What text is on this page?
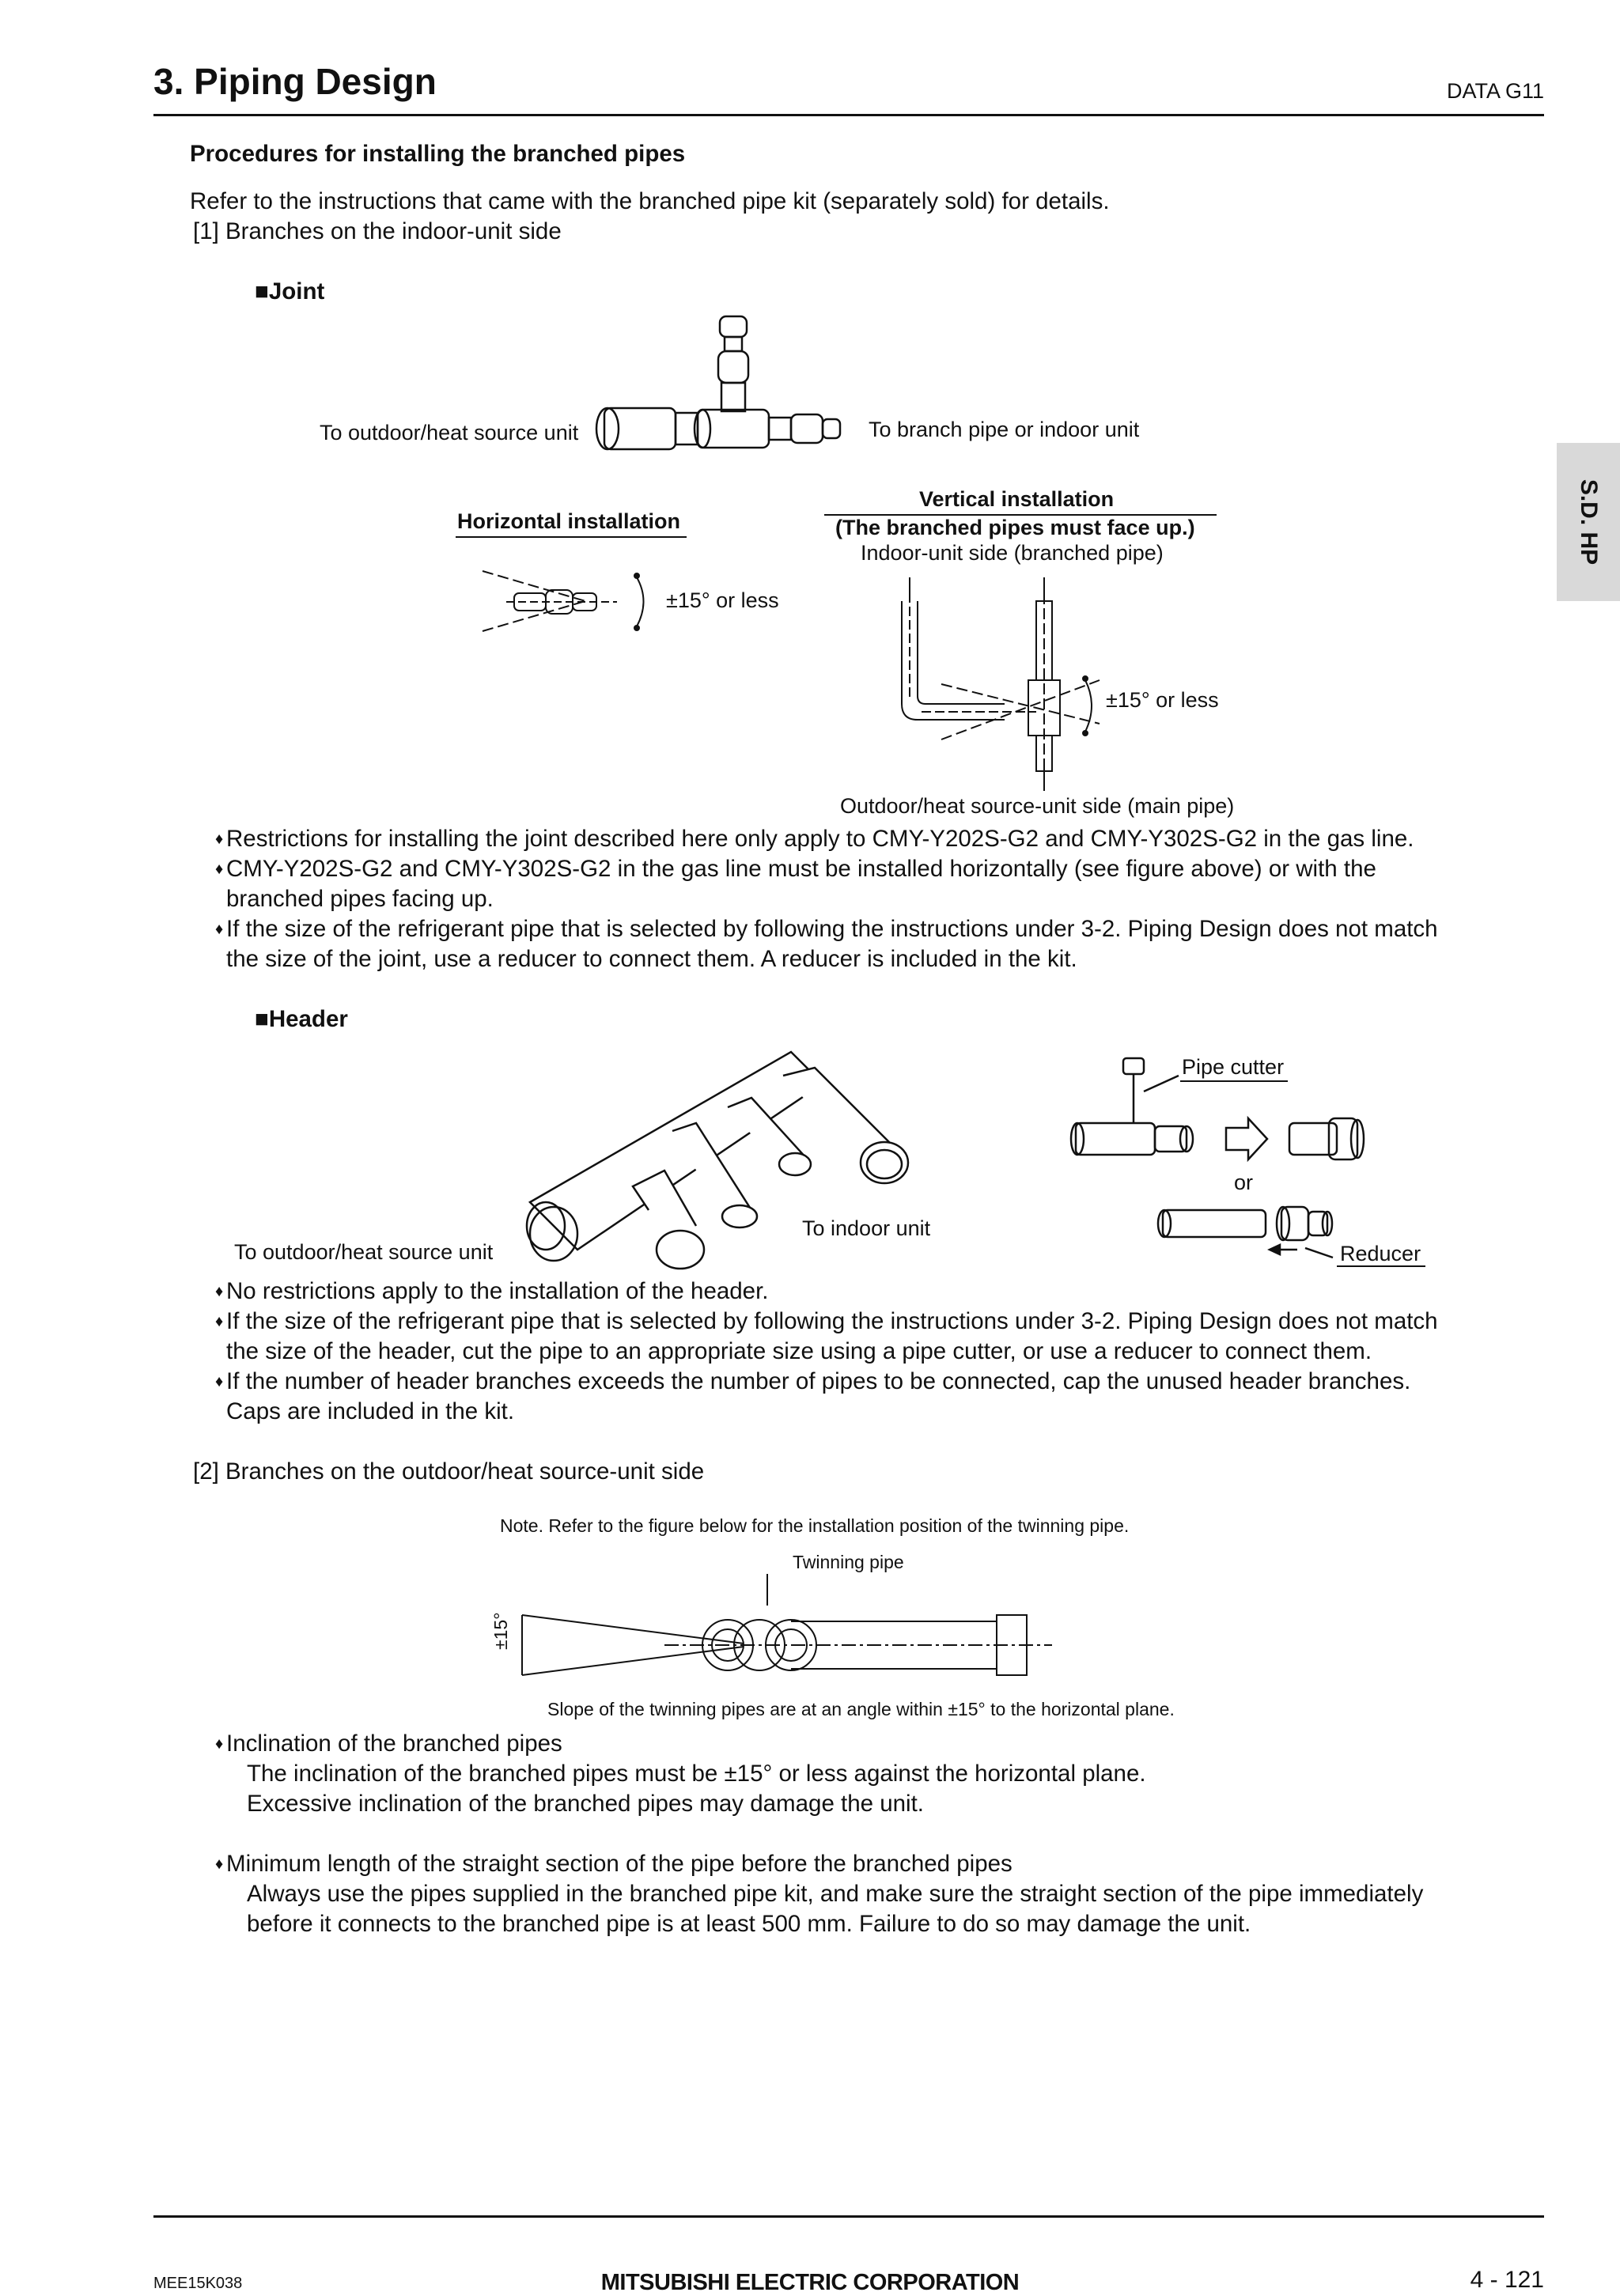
3. Piping Design	DATA G11
S.D. HP
Procedures for installing the branched pipes
Refer to the instructions that came with the branched pipe kit (separately sold) for details.
[1] Branches on the indoor-unit side
■Joint
To outdoor/heat source unit	To branch pipe or indoor unit
Horizontal installation
±15° or less
Vertical installation
(The branched pipes must face up.)
Indoor-unit side (branched pipe)
±15° or less
Outdoor/heat source-unit side (main pipe)
♦ Restrictions for installing the joint described here only apply to CMY-Y202S-G2 and CMY-Y302S-G2 in the gas line.
♦ CMY-Y202S-G2 and CMY-Y302S-G2 in the gas line must be installed horizontally (see figure above) or with the
branched pipes facing up.
♦ If the size of the refrigerant pipe that is selected by following the instructions under 3-2. Piping Design does not match
the size of the joint, use a reducer to connect them. A reducer is included in the kit.
■Header
To outdoor/heat source unit
To indoor unit
Pipe cutter
or
Reducer
♦ No restrictions apply to the installation of the header.
♦ If the size of the refrigerant pipe that is selected by following the instructions under 3-2. Piping Design does not match
the size of the header, cut the pipe to an appropriate size using a pipe cutter, or use a reducer to connect them.
♦ If the number of header branches exceeds the number of pipes to be connected, cap the unused header branches.
Caps are included in the kit.
[2] Branches on the outdoor/heat source-unit side
Note. Refer to the figure below for the installation position of the twinning pipe.
Twinning pipe
±15°
Slope of the twinning pipes are at an angle within ±15° to the horizontal plane.
♦ Inclination of the branched pipes
The inclination of the branched pipes must be ±15° or less against the horizontal plane.
Excessive inclination of the branched pipes may damage the unit.
♦ Minimum length of the straight section of the pipe before the branched pipes
Always use the pipes supplied in the branched pipe kit, and make sure the straight section of the pipe immediately
before it connects to the branched pipe is at least 500 mm. Failure to do so may damage the unit.
MEE15K038	MITSUBISHI ELECTRIC CORPORATION	4 - 121
